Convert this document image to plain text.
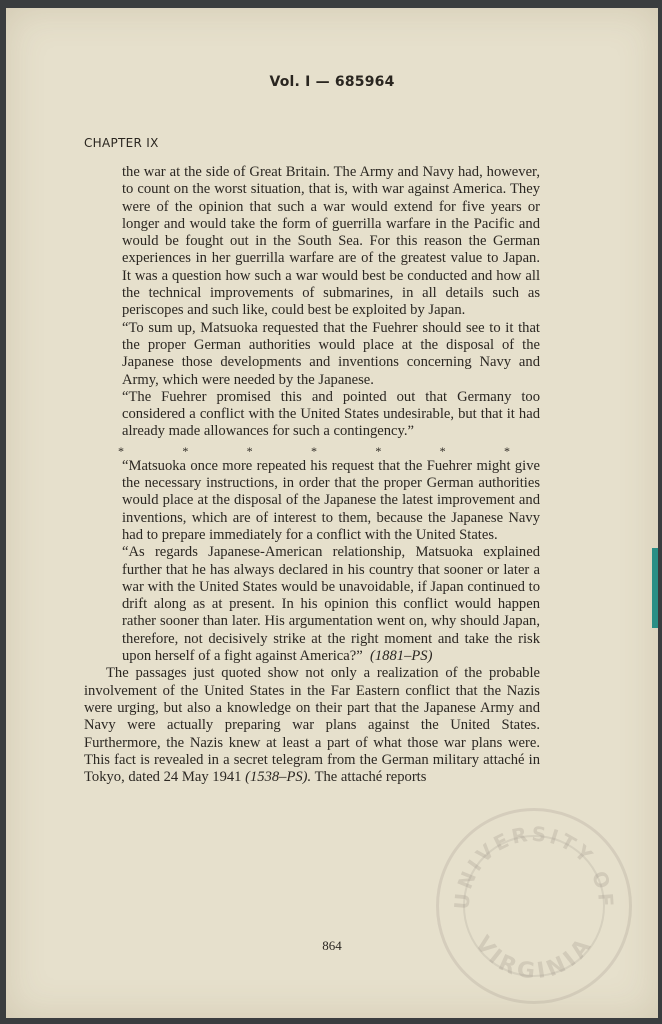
Vol. I — 685964
CHAPTER IX

the war at the side of Great Britain. The Army and Navy had, however, to count on the worst situation, that is, with war against America. They were of the opinion that such a war would extend for five years or longer and would take the form of guerrilla warfare in the Pacific and would be fought out in the South Sea. For this reason the German experiences in her guerrilla warfare are of the greatest value to Japan. It was a question how such a war would best be conducted and how all the technical improvements of submarines, in all details such as periscopes and such like, could best be exploited by Japan.

“To sum up, Matsuoka requested that the Fuehrer should see to it that the proper German authorities would place at the disposal of the Japanese those developments and inventions concerning Navy and Army, which were needed by the Japanese.

“The Fuehrer promised this and pointed out that Germany too considered a conflict with the United States undesirable, but that it had already made allowances for such a contingency.”

*	*	*	*	*	*	*

“Matsuoka once more repeated his request that the Fuehrer might give the necessary instructions, in order that the proper German authorities would place at the disposal of the Japanese the latest improvement and inventions, which are of interest to them, because the Japanese Navy had to prepare immediately for a conflict with the United States.

“As regards Japanese-American relationship, Matsuoka explained further that he has always declared in his country that sooner or later a war with the United States would be unavoidable, if Japan continued to drift along as at present. In his opinion this conflict would happen rather sooner than later. His argumentation went on, why should Japan, therefore, not decisively strike at the right moment and take the risk upon herself of a fight against America?” (1881–PS)

The passages just quoted show not only a realization of the probable involvement of the United States in the Far Eastern conflict that the Nazis were urging, but also a knowledge on their part that the Japanese Army and Navy were actually preparing war plans against the United States. Furthermore, the Nazis knew at least a part of what those war plans were. This fact is revealed in a secret telegram from the German military attaché in Tokyo, dated 24 May 1941 (1538–PS). The attaché reports

864
UNIVERSITY OF
VIRGINIA
